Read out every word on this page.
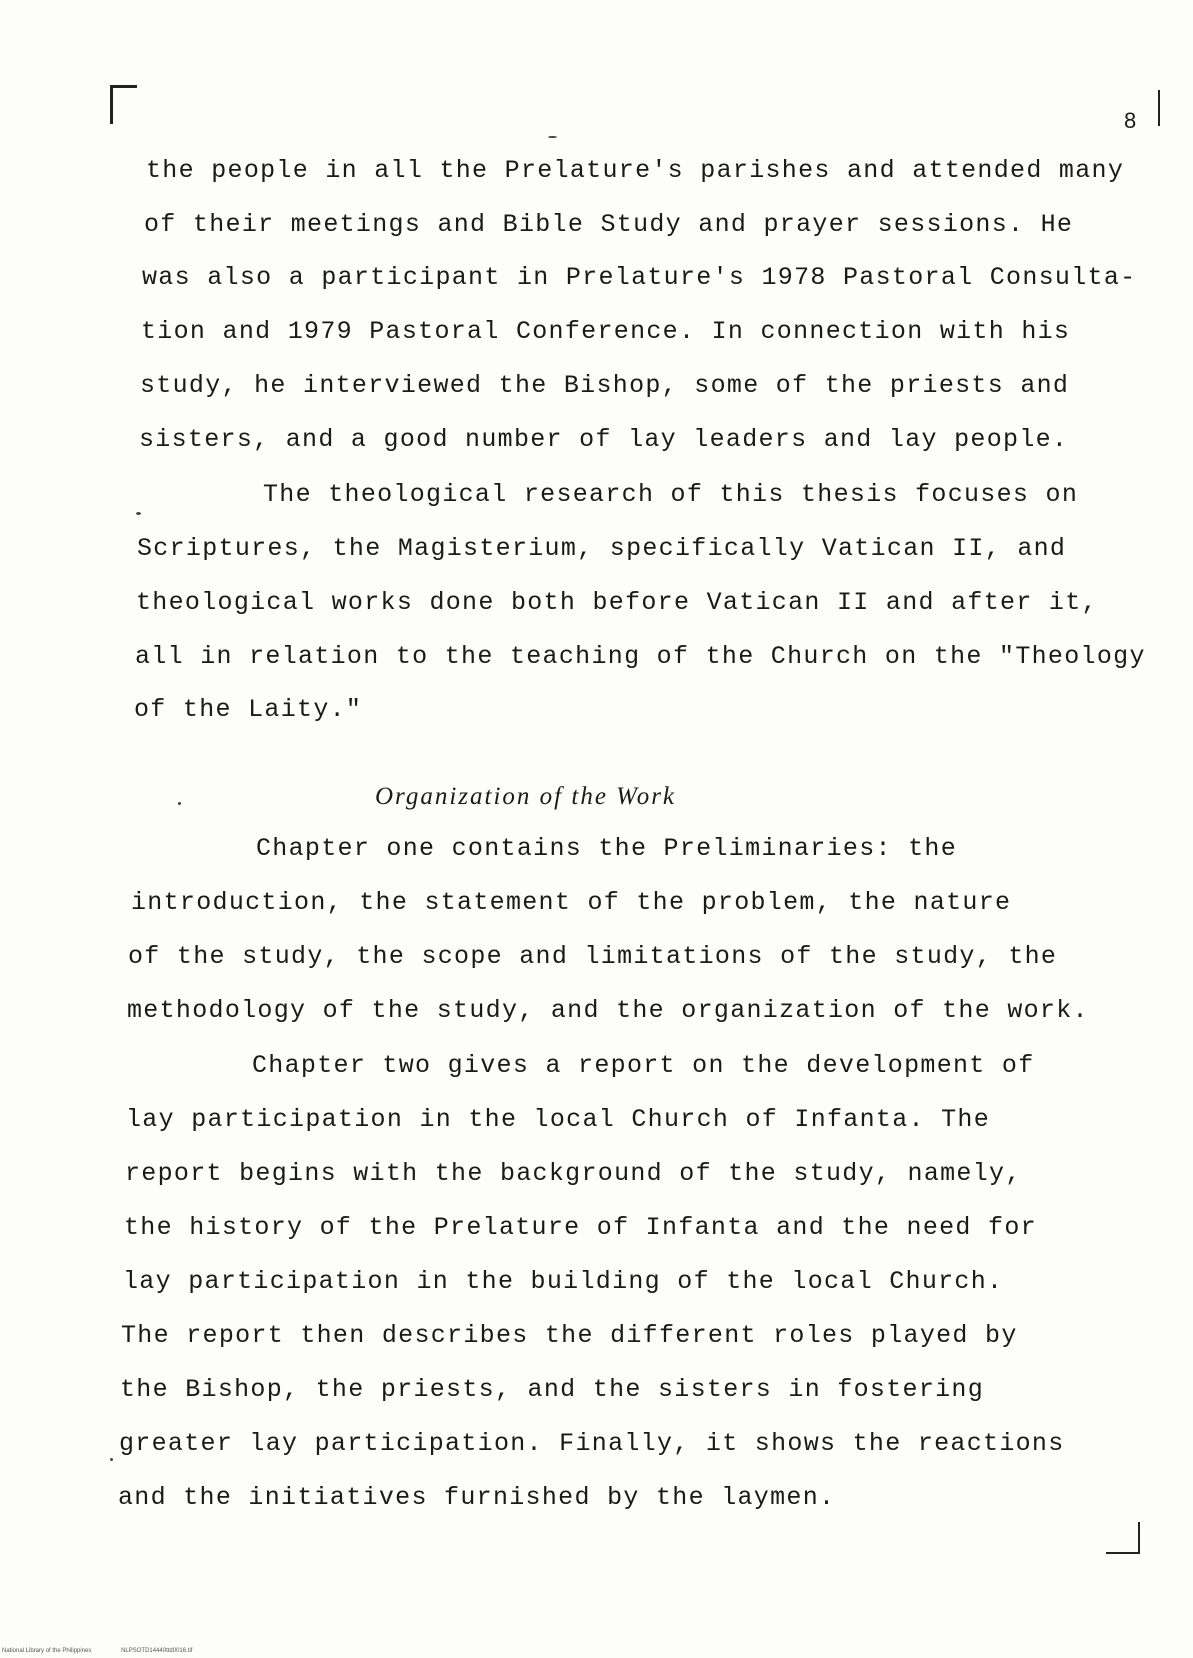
8
the people in all the Prelature's parishes and attended many
of their meetings and Bible Study and prayer sessions. He
was also a participant in Prelature's 1978 Pastoral Consulta-
tion and 1979 Pastoral Conference. In connection with his
study, he interviewed the Bishop, some of the priests and
sisters, and a good number of lay leaders and lay people.
The theological research of this thesis focuses on
Scriptures, the Magisterium, specifically Vatican II, and
theological works done both before Vatican II and after it,
all in relation to the teaching of the Church on the "Theology
of the Laity."
Organization of the Work
Chapter one contains the Preliminaries: the
introduction, the statement of the problem, the nature
of the study, the scope and limitations of the study, the
methodology of the study, and the organization of the work.
Chapter two gives a report on the development of
lay participation in the local Church of Infanta. The
report begins with the background of the study, namely,
the history of the Prelature of Infanta and the need for
lay participation in the building of the local Church.
The report then describes the different roles played by
the Bishop, the priests, and the sisters in fostering
greater lay participation. Finally, it shows the reactions
and the initiatives furnished by the laymen.
National Library of the Philippines	NLPSOTD14440ttd0016.tif
